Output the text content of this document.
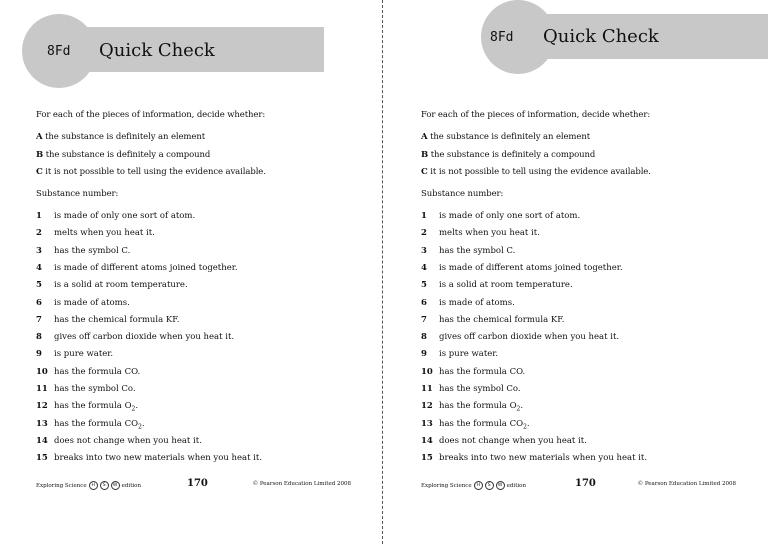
8Fd Quick Check
For each of the pieces of information, decide whether:
A the substance is definitely an element
B the substance is definitely a compound
C it is not possible to tell using the evidence available.
Substance number:
1 is made of only one sort of atom.
2 melts when you heat it.
3 has the symbol C.
4 is made of different atoms joined together.
5 is a solid at room temperature.
6 is made of atoms.
7 has the chemical formula KF.
8 gives off carbon dioxide when you heat it.
9 is pure water.
10 has the formula CO.
11 has the symbol Co.
12 has the formula $O_2$.
13 has the formula $CO_2$.
14 does not change when you heat it.
15 breaks into two new materials when you heat it.
Exploring Science	H	S	W edition	170	© Pearson Education Limited 2008
8Fd Quick Check
For each of the pieces of information, decide whether:
A the substance is definitely an element
B the substance is definitely a compound
C it is not possible to tell using the evidence available.
Substance number:
1 is made of only one sort of atom.
2 melts when you heat it.
3 has the symbol C.
4 is made of different atoms joined together.
5 is a solid at room temperature.
6 is made of atoms.
7 has the chemical formula KF.
8 gives off carbon dioxide when you heat it.
9 is pure water.
10 has the formula CO.
11 has the symbol Co.
12 has the formula $O_2$.
13 has the formula $CO_2$.
14 does not change when you heat it.
15 breaks into two new materials when you heat it.
Exploring Science	H	S	W edition	170	© Pearson Education Limited 2008
